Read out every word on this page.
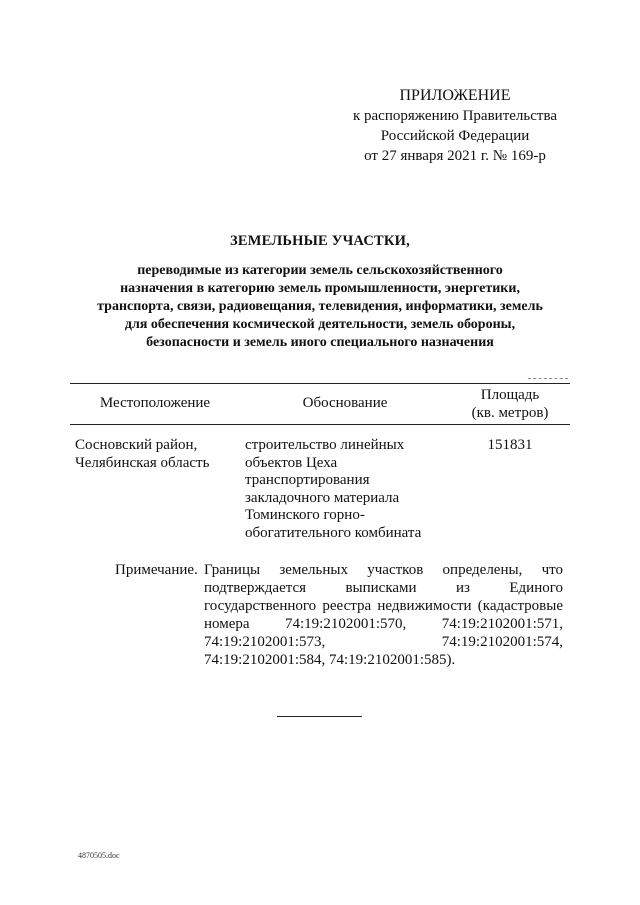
ПРИЛОЖЕНИЕ
к распоряжению Правительства
Российской Федерации
от 27 января 2021 г. № 169-р
ЗЕМЕЛЬНЫЕ УЧАСТКИ,
переводимые из категории земель сельскохозяйственного
назначения в категорию земель промышленности, энергетики,
транспорта, связи, радиовещания, телевидения, информатики, земель
для обеспечения космической деятельности, земель обороны,
безопасности и земель иного специального назначения
Местоположение	Обоснование	Площадь
(кв. метров)
Сосновский район,
Челябинская область
строительство линейных
объектов Цеха
транспортирования
закладочного материала
Томинского горно-
обогатительного комбината
151831
Примечание. Границы земельных участков определены, что
подтверждается выписками из Единого
государственного реестра недвижимости (кадастровые
номера 74:19:2102001:570, 74:19:2102001:571,
74:19:2102001:573, 74:19:2102001:574,
74:19:2102001:584, 74:19:2102001:585).
4870505.doc
